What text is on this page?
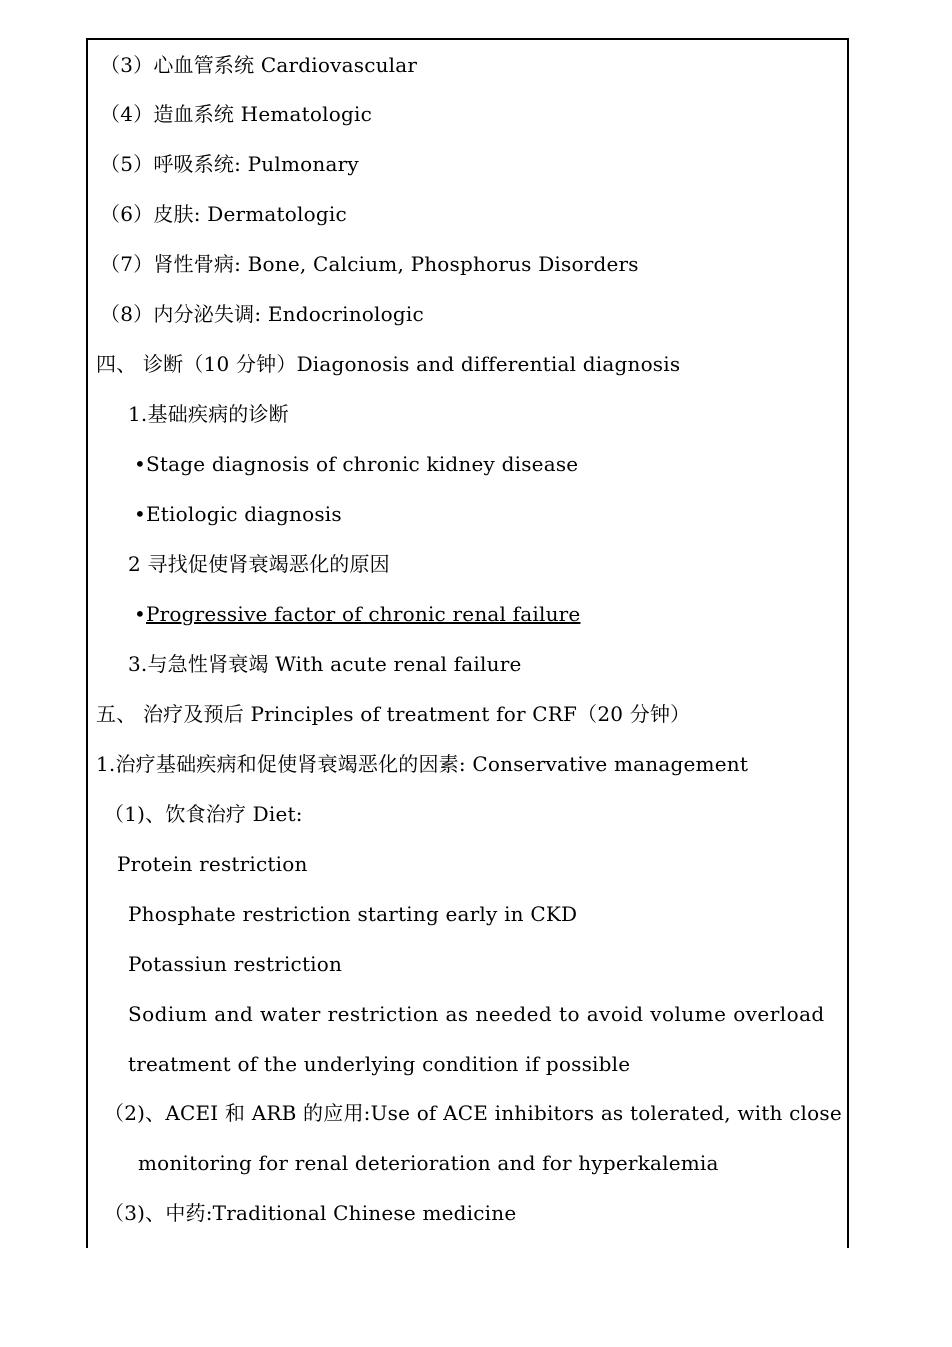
（3）心血管系统 Cardiovascular
（4）造血系统 Hematologic
（5）呼吸系统: Pulmonary
（6）皮肤: Dermatologic
（7）肾性骨病: Bone, Calcium, Phosphorus Disorders
（8）内分泌失调: Endocrinologic
四、 诊断（10 分钟）Diagonosis and differential diagnosis
1.基础疾病的诊断
•Stage diagnosis of chronic kidney disease
•Etiologic diagnosis
2 寻找促使肾衰竭恶化的原因
•Progressive factor of chronic renal failure
3.与急性肾衰竭 With acute renal failure
五、 治疗及预后 Principles of treatment for CRF（20 分钟）
1.治疗基础疾病和促使肾衰竭恶化的因素: Conservative management
（1)、饮食治疗 Diet:
Protein restriction
Phosphate restriction starting early in CKD
Potassiun restriction
Sodium and water restriction as needed to avoid volume overload
treatment of the underlying condition if possible
（2)、ACEI 和 ARB 的应用:Use of ACE inhibitors as tolerated, with close
monitoring for renal deterioration and for hyperkalemia
（3)、中药:Traditional Chinese medicine
